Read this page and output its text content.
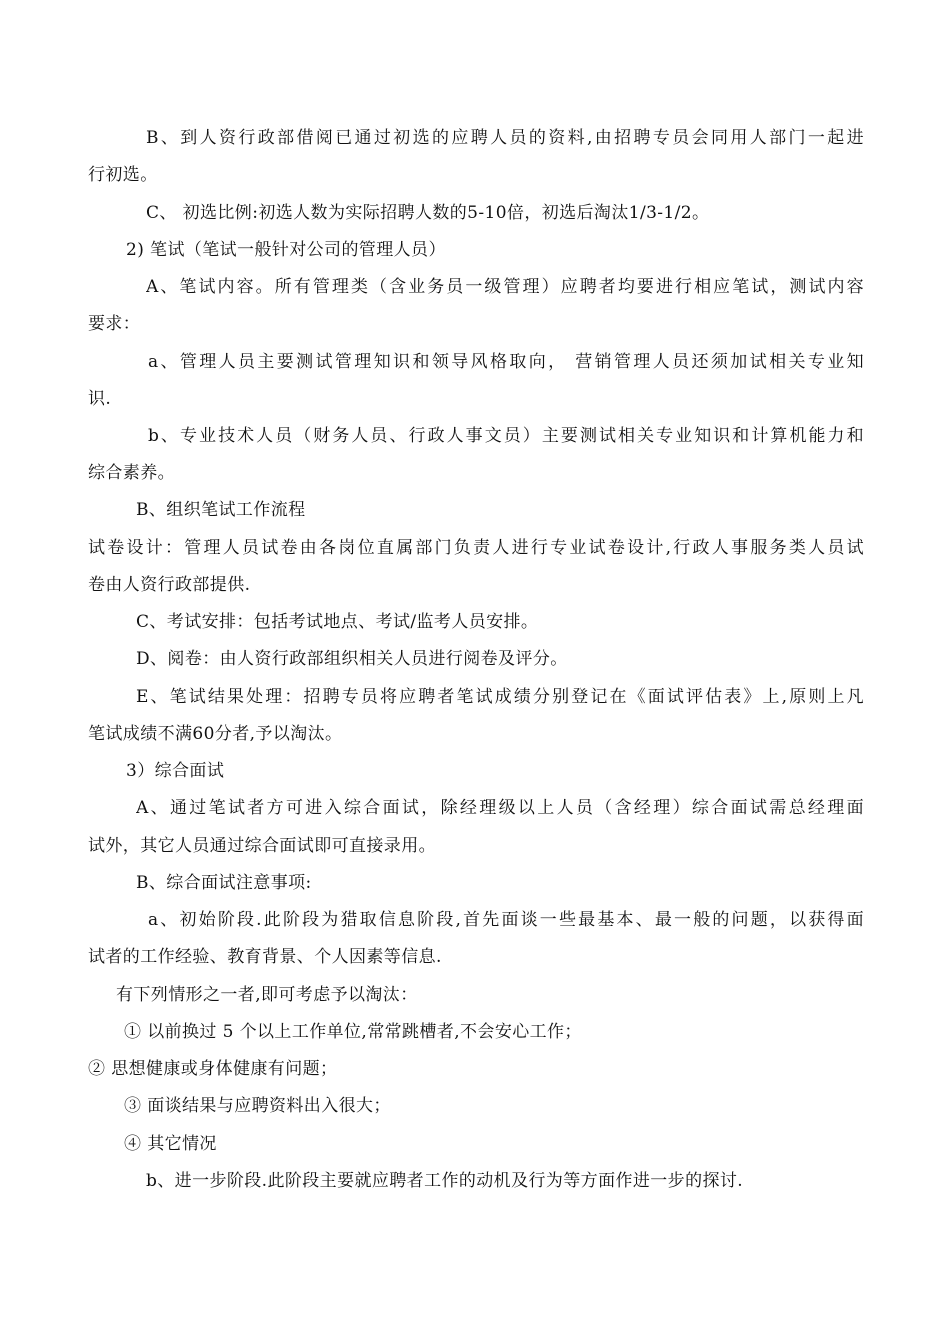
B、到人资行政部借阅已通过初选的应聘人员的资料,由招聘专员会同用人部门一起进
行初选。
C、 初选比例:初选人数为实际招聘人数的5-10倍，初选后淘汰1/3-1/2。
2) 笔试（笔试一般针对公司的管理人员）
A、笔试内容。所有管理类（含业务员一级管理）应聘者均要进行相应笔试，测试内容
要求：
a、管理人员主要测试管理知识和领导风格取向， 营销管理人员还须加试相关专业知
识.
b、专业技术人员（财务人员、行政人事文员）主要测试相关专业知识和计算机能力和
综合素养。
B、组织笔试工作流程
试卷设计：管理人员试卷由各岗位直属部门负责人进行专业试卷设计,行政人事服务类人员试
卷由人资行政部提供.
C、考试安排：包括考试地点、考试/监考人员安排。
D、阅卷：由人资行政部组织相关人员进行阅卷及评分。
E、笔试结果处理：招聘专员将应聘者笔试成绩分别登记在《面试评估表》上,原则上凡
笔试成绩不满60分者,予以淘汰。
3）综合面试
A、通过笔试者方可进入综合面试，除经理级以上人员（含经理）综合面试需总经理面
试外，其它人员通过综合面试即可直接录用。
B、综合面试注意事项:
a、初始阶段.此阶段为猎取信息阶段,首先面谈一些最基本、最一般的问题，以获得面
试者的工作经验、教育背景、个人因素等信息.
有下列情形之一者,即可考虑予以淘汰：
① 以前换过 5 个以上工作单位,常常跳槽者,不会安心工作；
② 思想健康或身体健康有问题；
③ 面谈结果与应聘资料出入很大；
④ 其它情况
b、进一步阶段.此阶段主要就应聘者工作的动机及行为等方面作进一步的探讨.
